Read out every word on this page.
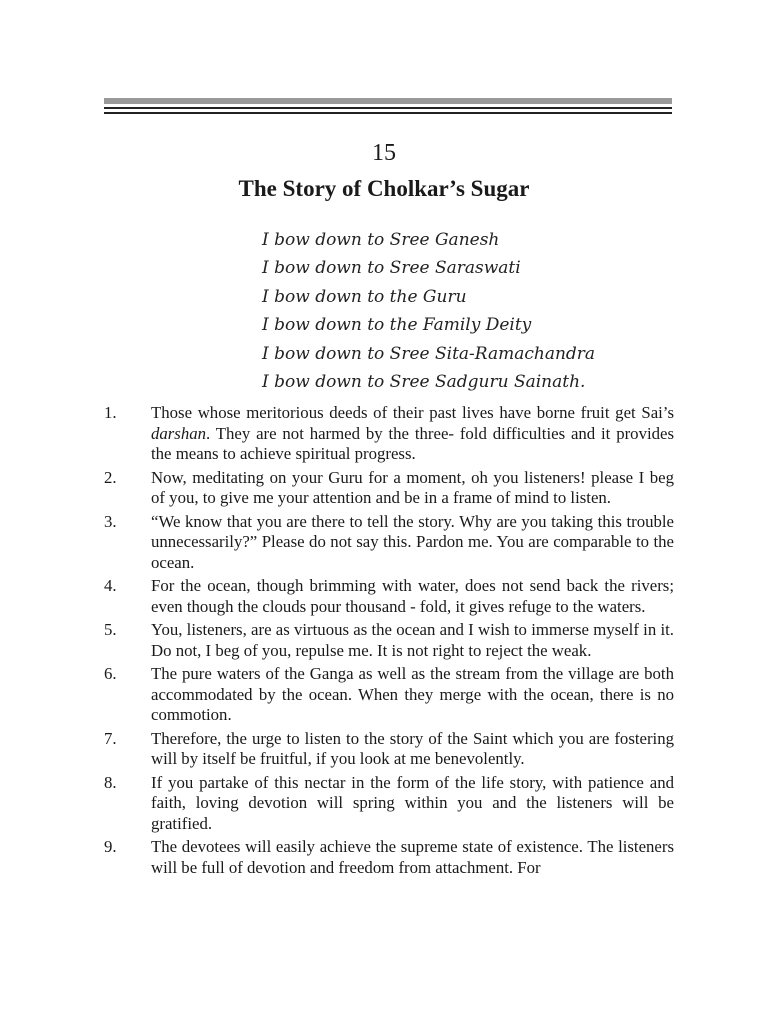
15
The Story of Cholkar’s Sugar
I bow down to Sree Ganesh
I bow down to Sree Saraswati
I bow down to the Guru
I bow down to the Family Deity
I bow down to Sree Sita-Ramachandra
I bow down to Sree Sadguru Sainath.
1.	Those whose meritorious deeds of their past lives have borne fruit get Sai’s darshan. They are not harmed by the three- fold difficulties and it provides the means to achieve spiritual progress.
2.	Now, meditating on your Guru for a moment, oh you listeners! please I beg of you, to give me your attention and be in a frame of mind to listen.
3.	“We know that you are there to tell the story. Why are you taking this trouble unnecessarily?” Please do not say this. Pardon me. You are comparable to the ocean.
4.	For the ocean, though brimming with water, does not send back the rivers; even though the clouds pour thousand - fold, it gives refuge to the waters.
5.	You, listeners, are as virtuous as the ocean and I wish to immerse myself in it. Do not, I beg of you, repulse me. It is not right to reject the weak.
6.	The pure waters of the Ganga as well as the stream from the village are both accommodated by the ocean. When they merge with the ocean, there is no commotion.
7.	Therefore, the urge to listen to the story of the Saint which you are fostering will by itself be fruitful, if you look at me benevolently.
8.	If you partake of this nectar in the form of the life story, with patience and faith, loving devotion will spring within you and the listeners will be gratified.
9.	The devotees will easily achieve the supreme state of existence. The listeners will be full of devotion and freedom from attachment. For
